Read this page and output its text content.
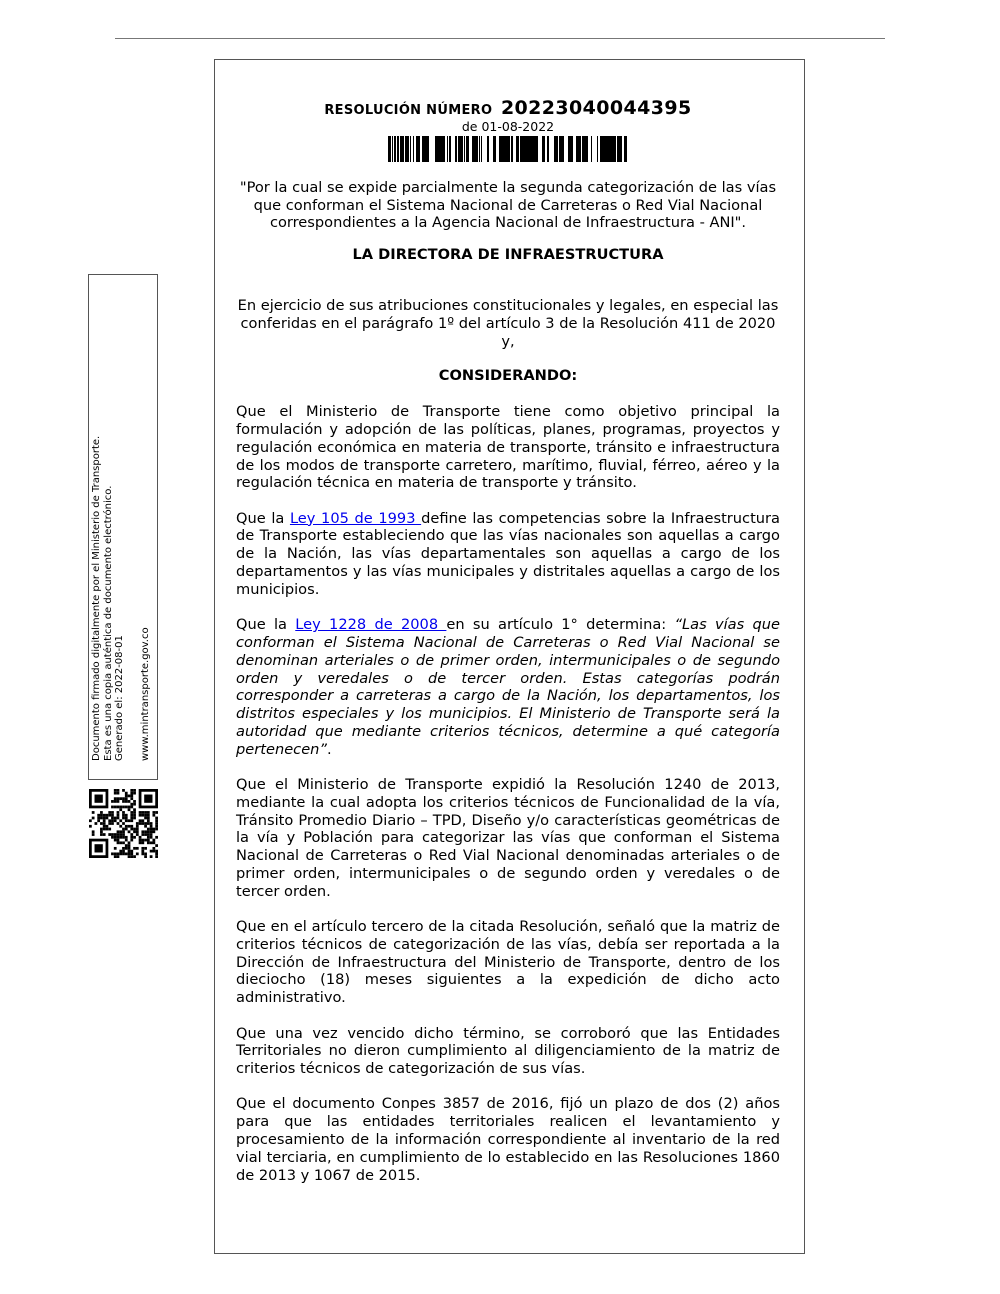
RESOLUCIÓN NÚMERO 20223040044395
de 01-08-2022
"Por la cual se expide parcialmente la segunda categorización de las vías que conforman el Sistema Nacional de Carreteras o Red Vial Nacional correspondientes a la Agencia Nacional de Infraestructura - ANI".
LA DIRECTORA DE INFRAESTRUCTURA
En ejercicio de sus atribuciones constitucionales y legales, en especial las conferidas en el parágrafo 1º del artículo 3 de la Resolución 411 de 2020 y,
CONSIDERANDO:
Que el Ministerio de Transporte tiene como objetivo principal la formulación y adopción de las políticas, planes, programas, proyectos y regulación económica en materia de transporte, tránsito e infraestructura de los modos de transporte carretero, marítimo, fluvial, férreo, aéreo y la regulación técnica en materia de transporte y tránsito.
Que la Ley 105 de 1993 define las competencias sobre la Infraestructura de Transporte estableciendo que las vías nacionales son aquellas a cargo de la Nación, las vías departamentales son aquellas a cargo de los departamentos y las vías municipales y distritales aquellas a cargo de los municipios.
Que la Ley 1228 de 2008 en su artículo 1° determina: “Las vías que conforman el Sistema Nacional de Carreteras o Red Vial Nacional se denominan arteriales o de primer orden, intermunicipales o de segundo orden y veredales o de tercer orden. Estas categorías podrán corresponder a carreteras a cargo de la Nación, los departamentos, los distritos especiales y los municipios. El Ministerio de Transporte será la autoridad que mediante criterios técnicos, determine a qué categoría pertenecen”.
Que el Ministerio de Transporte expidió la Resolución 1240 de 2013, mediante la cual adopta los criterios técnicos de Funcionalidad de la vía, Tránsito Promedio Diario – TPD, Diseño y/o características geométricas de la vía y Población para categorizar las vías que conforman el Sistema Nacional de Carreteras o Red Vial Nacional denominadas arteriales o de primer orden, intermunicipales o de segundo orden y veredales o de tercer orden.
Que en el artículo tercero de la citada Resolución, señaló que la matriz de criterios técnicos de categorización de las vías, debía ser reportada a la Dirección de Infraestructura del Ministerio de Transporte, dentro de los dieciocho (18) meses siguientes a la expedición de dicho acto administrativo.
Que una vez vencido dicho término, se corroboró que las Entidades Territoriales no dieron cumplimiento al diligenciamiento de la matriz de criterios técnicos de categorización de sus vías.
Que el documento Conpes 3857 de 2016, fijó un plazo de dos (2) años para que las entidades territoriales realicen el levantamiento y procesamiento de la información correspondiente al inventario de la red vial terciaria, en cumplimiento de lo establecido en las Resoluciones 1860 de 2013 y 1067 de 2015.
Documento firmado digitalmente por el Ministerio de Transporte. Esta es una copia auténtica de documento electrónico. Generado el: 2022-08-01 www.mintransporte.gov.co
